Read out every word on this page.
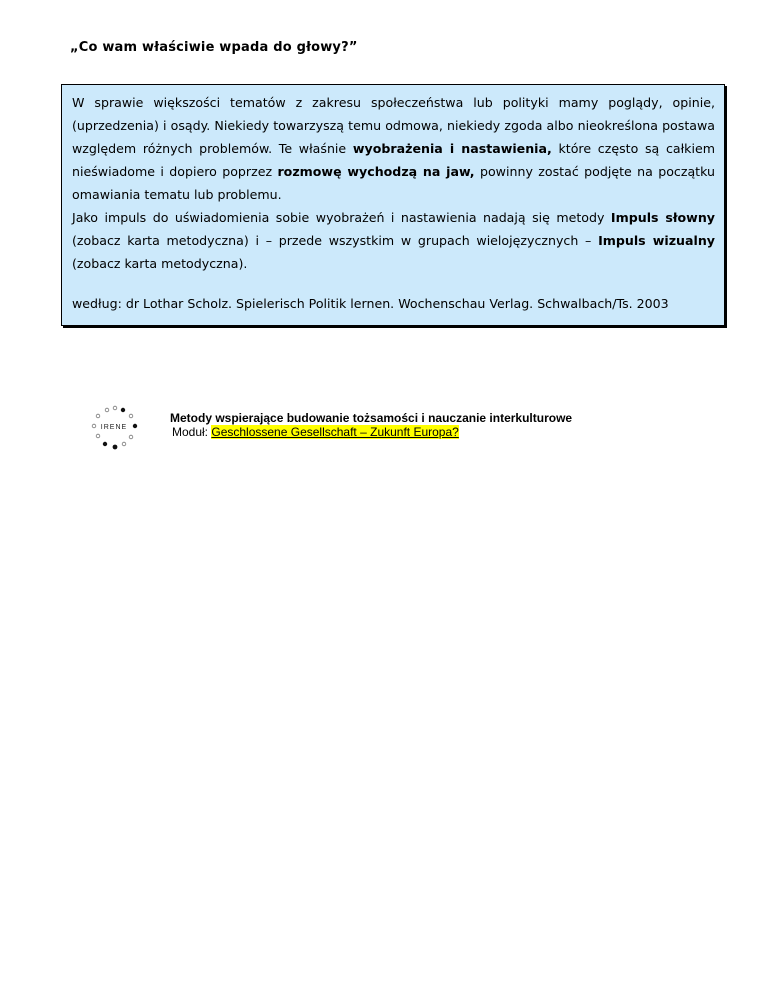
„Co wam właściwie wpada do głowy?”

W sprawie większości tematów z zakresu społeczeństwa lub polityki mamy poglądy, opinie, (uprzedzenia) i osądy. Niekiedy towarzyszą temu odmowa, niekiedy zgoda albo nieokreślona postawa względem różnych problemów. Te właśnie wyobrażenia i nastawienia, które często są całkiem nieświadome i dopiero poprzez rozmowę wychodzą na jaw, powinny zostać podjęte na początku omawiania tematu lub problemu.

Jako impuls do uświadomienia sobie wyobrażeń i nastawienia nadają się metody Impuls słowny (zobacz karta metodyczna) i – przede wszystkim w grupach wielojęzycznych – Impuls wizualny (zobacz karta metodyczna).

według: dr Lothar Scholz. Spielerisch Politik lernen. Wochenschau Verlag. Schwalbach/Ts. 2003

IRENE
Metody wspierające budowanie tożsamości i nauczanie interkulturowe
Moduł: Geschlossene Gesellschaft – Zukunft Europa?
